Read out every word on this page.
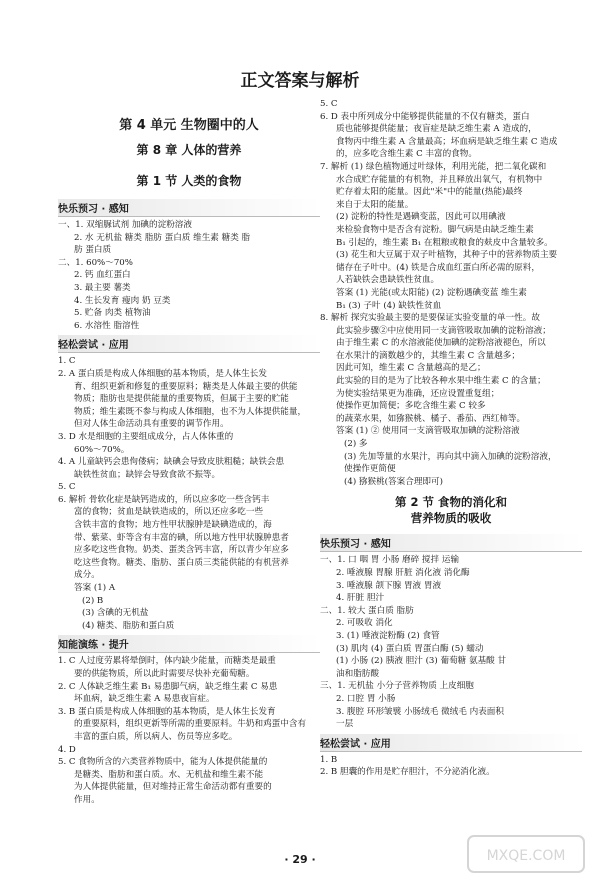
正文答案与解析
第 4 单元 生物圈中的人
第 8 章 人体的营养
第 1 节 人类的食物
快乐预习 · 感知
一、1. 双缩脲试剂 加碘的淀粉溶液
2. 水 无机盐 糖类 脂肪 蛋白质 维生素 糖类 脂
肪 蛋白质
二、1. 60%～70%
2. 钙 血红蛋白
3. 最主要 薯类
4. 生长发育 瘦肉 奶 豆类
5. 贮备 肉类 植物油
6. 水溶性 脂溶性
轻松尝试 · 应用
1. C
2. A 蛋白质是构成人体细胞的基本物质，是人体生长发
育、组织更新和修复的重要原料；糖类是人体最主要的供能
物质；脂肪也是提供能量的重要物质，但属于主要的贮能
物质；维生素既不参与构成人体细胞，也不为人体提供能量，
但对人体生命活动具有重要的调节作用。
3. D 水是细胞的主要组成成分，占人体体重的
60%～70%。
4. A 儿童缺钙会患佝偻病；缺碘会导致皮肤粗糙；缺铁会患
缺铁性贫血；缺锌会导致食欲不振等。
5. C
6. 解析 骨软化症是缺钙造成的，所以应多吃一些含钙丰
富的食物；贫血是缺铁造成的，所以还应多吃一些
含铁丰富的食物；地方性甲状腺肿是缺碘造成的，海
带、紫菜、虾等含有丰富的碘，所以地方性甲状腺肿患者
应多吃这些食物。奶类、蛋类含钙丰富，所以青少年应多
吃这些食物。糖类、脂肪、蛋白质三类能供能的有机营养
成分。
答案 (1) A
(2) B
(3) 含碘的无机盐
(4) 糖类、脂肪和蛋白质
知能演练 · 提升
1. C 人过度劳累将晕倒时，体内缺少能量，而糖类是最重
要的供能物质，所以此时需要尽快补充葡萄糖。
2. C 人体缺乏维生素 B₁ 易患脚气病，缺乏维生素 C 易患
坏血病，缺乏维生素 A 易患夜盲症。
3. B 蛋白质是构成人体细胞的基本物质，是人体生长发育
的重要原料，组织更新等所需的重要原料。牛奶和鸡蛋中含有
丰富的蛋白质，所以病人、伤员等应多吃。
4. D
5. C 食物所含的六类营养物质中，能为人体提供能量的
是糖类、脂肪和蛋白质。水、无机盐和维生素不能
为人体提供能量，但对维持正常生命活动都有重要的
作用。
5. C
6. D 表中所列成分中能够提供能量的不仅有糖类，蛋白
质也能够提供能量；夜盲症是缺乏维生素 A 造成的，
食物丙中维生素 A 含量最高；坏血病是缺乏维生素 C 造成
的，应多吃含维生素 C 丰富的食物。
7. 解析 (1) 绿色植物通过叶绿体，利用光能，把二氧化碳和
水合成贮存能量的有机物，并且释放出氧气，有机物中
贮存着太阳的能量。因此"米"中的能量(热能)最终
来自于太阳的能量。
(2) 淀粉的特性是遇碘变蓝，因此可以用碘液
来检验食物中是否含有淀粉。脚气病是由缺乏维生素
B₁ 引起的，维生素 B₁ 在粗粮或粮食的麸皮中含量较多。
(3) 花生和大豆属于双子叶植物，其种子中的营养物质主要
储存在子叶中。(4) 铁是合成血红蛋白所必需的原料，
人若缺铁会患缺铁性贫血。
答案 (1) 光能(或太阳能) (2) 淀粉遇碘变蓝 维生素
B₁ (3) 子叶 (4) 缺铁性贫血
8. 解析 探究实验最主要的是要保证实验变量的单一性。故
此实验步骤②中应使用同一支滴管吸取加碘的淀粉溶液；
由于维生素 C 的水溶液能使加碘的淀粉溶液褪色，所以
在水果汁的滴数越少的，其维生素 C 含量越多；
因此可知，维生素 C 含量越高的是乙；
此实验的目的是为了比较各种水果中维生素 C 的含量；
为使实验结果更为准确，还应设置重复组；
使操作更加简便；多吃含维生素 C 较多
的蔬菜水果，如猕猴桃、橘子、番茄、西红柿等。
答案 (1) ② 使用同一支滴管吸取加碘的淀粉溶液
(2) 多
(3) 先加等量的水果汁，再向其中滴入加碘的淀粉溶液，
使操作更简便
(4) 猕猴桃(答案合理即可)
第 2 节 食物的消化和
营养物质的吸收
快乐预习 · 感知
一、1. 口 咽 胃 小肠 磨碎 搅拌 运输
2. 唾液腺 胃腺 肝脏 消化液 消化酶
3. 唾液腺 颌下腺 胃液 胃液
4. 肝脏 胆汁
二、1. 较大 蛋白质 脂肪
2. 可吸收 消化
3. (1) 唾液淀粉酶 (2) 食管
(3) 肌肉 (4) 蛋白质 胃蛋白酶 (5) 蠕动
(1) 小肠 (2) 胰液 胆汁 (3) 葡萄糖 氨基酸 甘
油和脂肪酸
三、1. 无机盐 小分子营养物质 上皮细胞
2. 口腔 胃 小肠
3. 腹腔 环形皱襞 小肠绒毛 微绒毛 内表面积
一层
轻松尝试 · 应用
1. B
2. B 胆囊的作用是贮存胆汁，不分泌消化液。
· 29 ·	MXQE.COM
